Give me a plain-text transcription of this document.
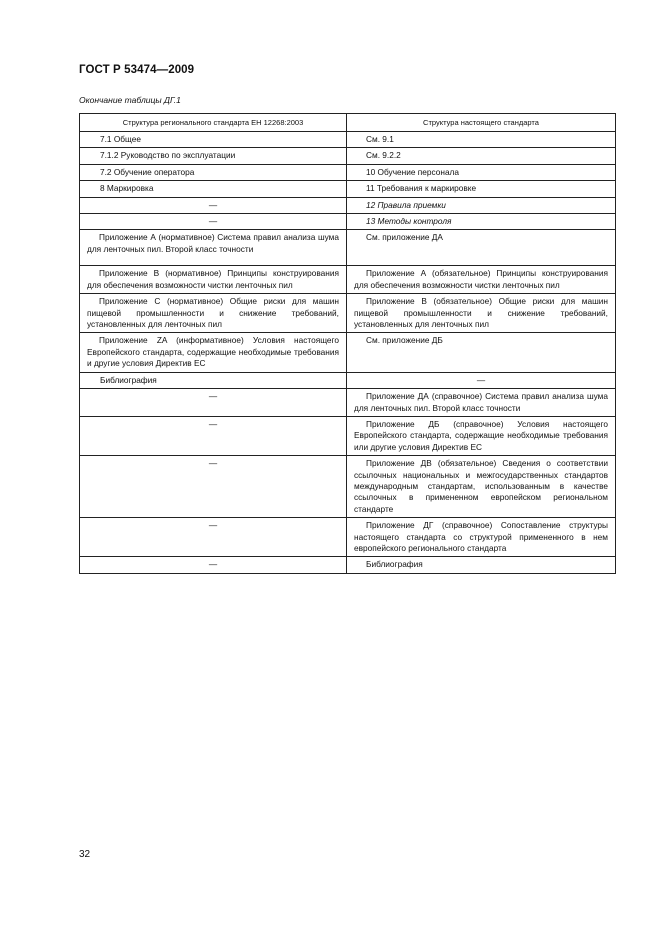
ГОСТ Р 53474—2009
Окончание таблицы ДГ.1
Структура регионального стандарта ЕН 12268:2003	Структура настоящего стандарта
7.1 Общее	См. 9.1
7.1.2 Руководство по эксплуатации	См. 9.2.2
7.2 Обучение оператора	10 Обучение персонала
8 Маркировка	11 Требования к маркировке
—	12 Правила приемки
—	13 Методы контроля
Приложение А (нормативное) Система правил анализа шума для ленточных пил. Второй класс точности	См. приложение ДА
Приложение В (нормативное) Принципы конструирования для обеспечения возможности чистки ленточных пил	Приложение А (обязательное) Принципы конструирования для обеспечения возможности чистки ленточных пил
Приложение С (нормативное) Общие риски для машин пищевой промышленности и снижение требований, установленных для ленточных пил	Приложение В (обязательное) Общие риски для машин пищевой промышленности и снижение требований, установленных для ленточных пил
Приложение ZA (информативное) Условия настоящего Европейского стандарта, содержащие необходимые требования и другие условия Директив ЕС	См. приложение ДБ
Библиография	—
—	Приложение ДА (справочное) Система правил анализа шума для ленточных пил. Второй класс точности
—	Приложение ДБ (справочное) Условия настоящего Европейского стандарта, содержащие необходимые требования или другие условия Директив ЕС
—	Приложение ДВ (обязательное) Сведения о соответствии ссылочных национальных и межгосударственных стандартов международным стандартам, использованным в качестве ссылочных в примененном европейском региональном стандарте
—	Приложение ДГ (справочное) Сопоставление структуры настоящего стандарта со структурой примененного в нем европейского регионального стандарта
—	Библиография
32
